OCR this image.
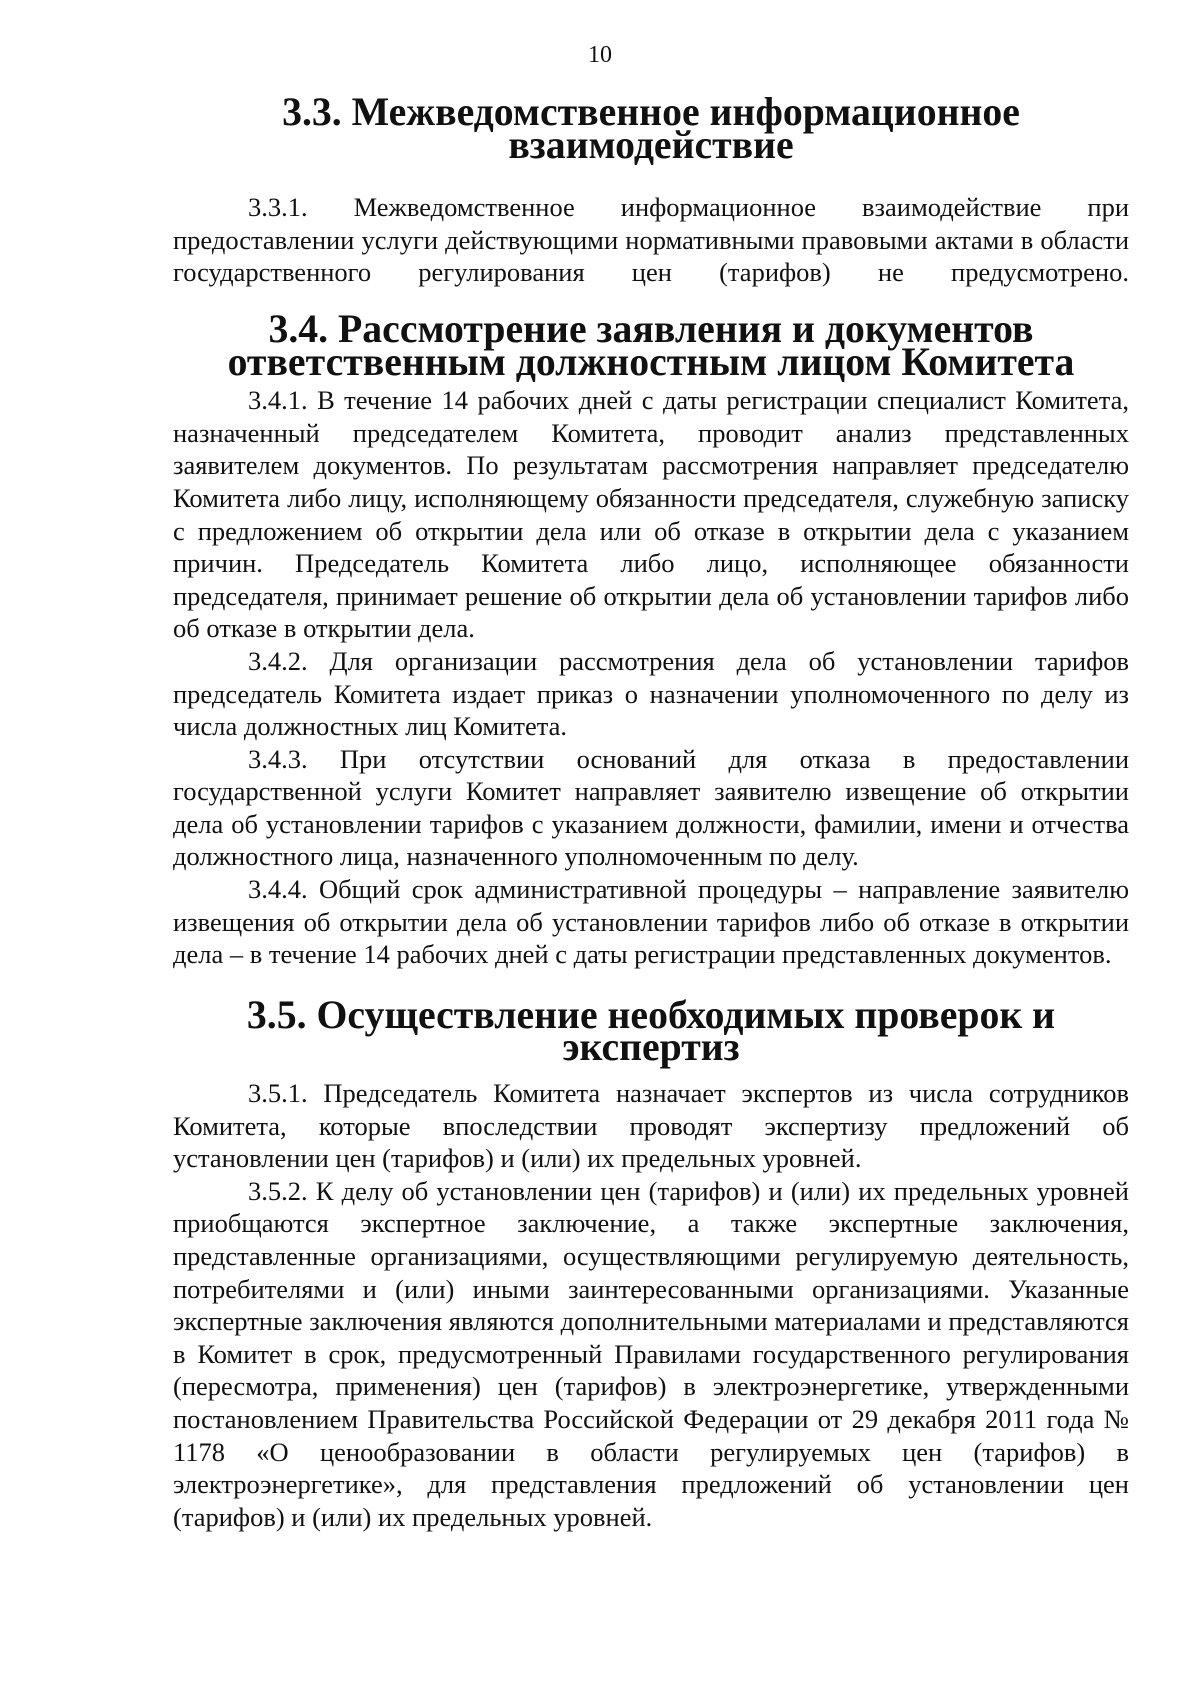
10
3.3. Межведомственное информационное взаимодействие

3.3.1. Межведомственное информационное взаимодействие при предоставлении услуги действующими нормативными правовыми актами в области государственного регулирования цен (тарифов) не предусмотрено.

3.4. Рассмотрение заявления и документов ответственным должностным лицом Комитета

3.4.1. В течение 14 рабочих дней с даты регистрации специалист Комитета, назначенный председателем Комитета, проводит анализ представленных заявителем документов. По результатам рассмотрения направляет председателю Комитета либо лицу, исполняющему обязанности председателя, служебную записку с предложением об открытии дела или об отказе в открытии дела с указанием причин. Председатель Комитета либо лицо, исполняющее обязанности председателя, принимает решение об открытии дела об установлении тарифов либо об отказе в открытии дела.

3.4.2. Для организации рассмотрения дела об установлении тарифов председатель Комитета издает приказ о назначении уполномоченного по делу из числа должностных лиц Комитета.

3.4.3. При отсутствии оснований для отказа в предоставлении государственной услуги Комитет направляет заявителю извещение об открытии дела об установлении тарифов с указанием должности, фамилии, имени и отчества должностного лица, назначенного уполномоченным по делу.

3.4.4. Общий срок административной процедуры – направление заявителю извещения об открытии дела об установлении тарифов либо об отказе в открытии дела – в течение 14 рабочих дней с даты регистрации представленных документов.

3.5. Осуществление необходимых проверок и экспертиз

3.5.1. Председатель Комитета назначает экспертов из числа сотрудников Комитета, которые впоследствии проводят экспертизу предложений об установлении цен (тарифов) и (или) их предельных уровней.

3.5.2. К делу об установлении цен (тарифов) и (или) их предельных уровней приобщаются экспертное заключение, а также экспертные заключения, представленные организациями, осуществляющими регулируемую деятельность, потребителями и (или) иными заинтересованными организациями. Указанные экспертные заключения являются дополнительными материалами и представляются в Комитет в срок, предусмотренный Правилами государственного регулирования (пересмотра, применения) цен (тарифов) в электроэнергетике, утвержденными постановлением Правительства Российской Федерации от 29 декабря 2011 года № 1178 «О ценообразовании в области регулируемых цен (тарифов) в электроэнергетике», для представления предложений об установлении цен (тарифов) и (или) их предельных уровней.
